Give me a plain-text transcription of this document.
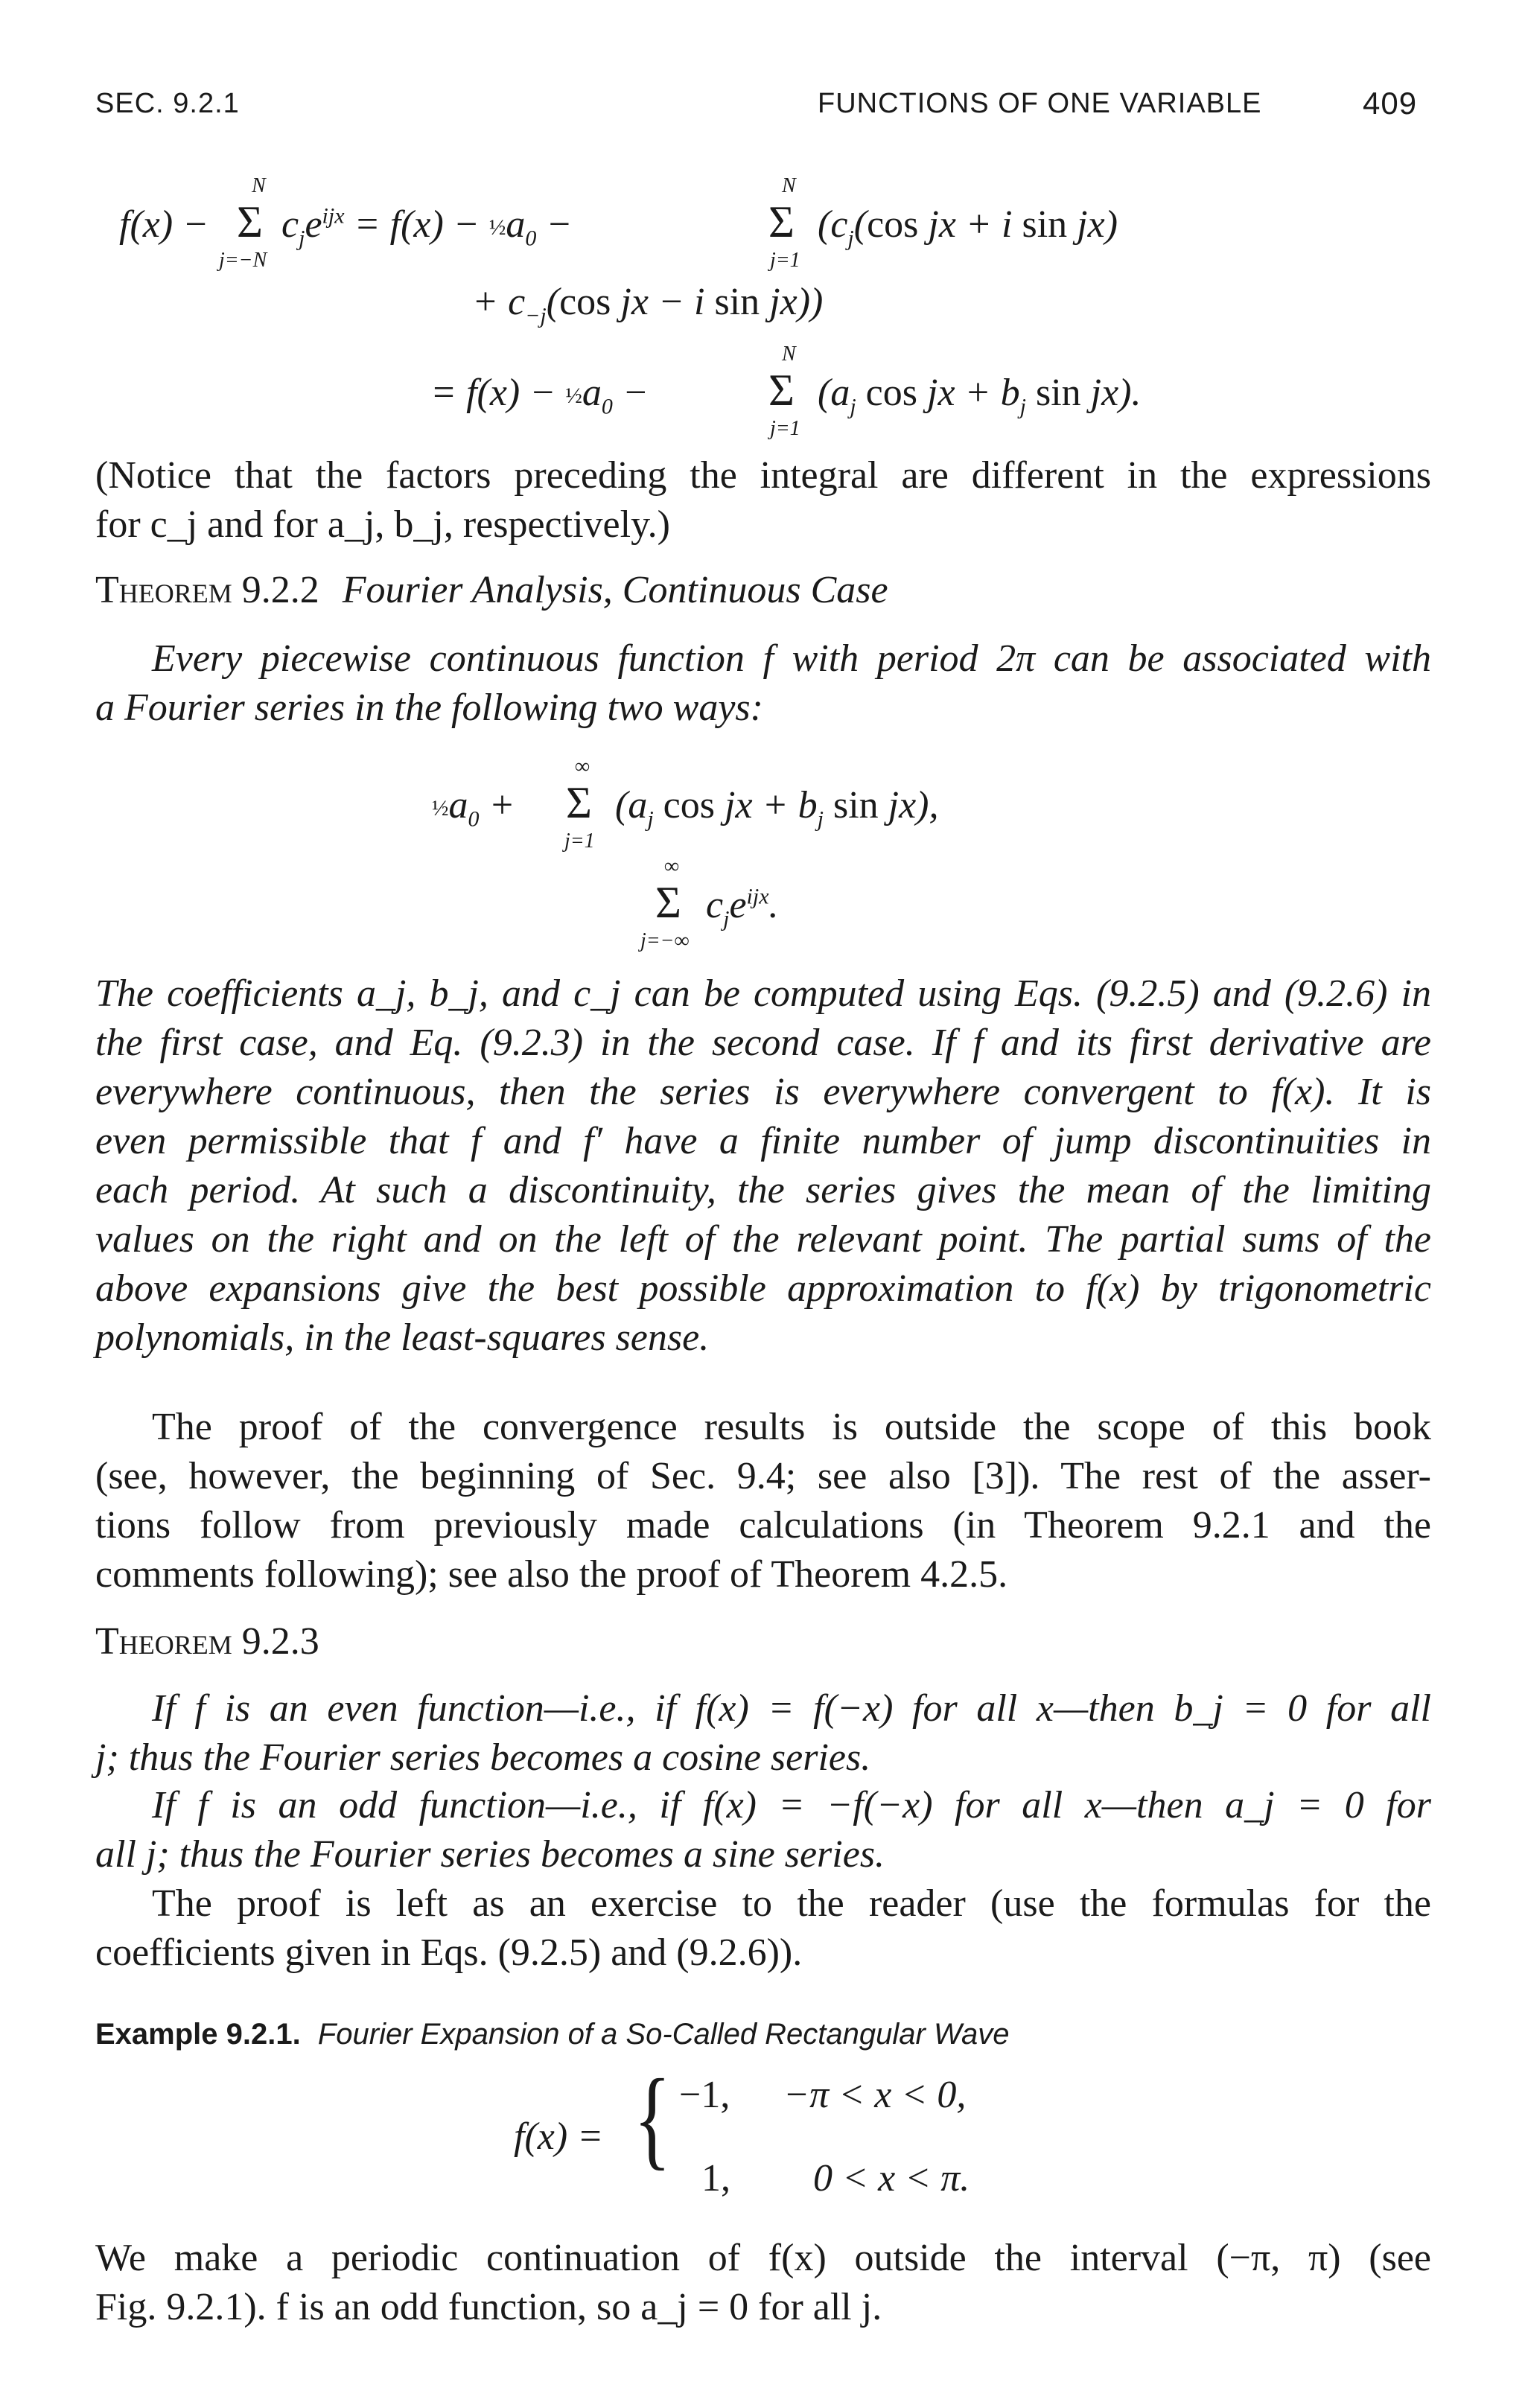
SEC. 9.2.1	FUNCTIONS OF ONE VARIABLE	409
f(x) − Σ
N
j=−N
$c_je^{ijx} = f(x)$ − $\frac{1}{2}a_0$ −	Σ
N
j=1
($c_j(\cos$ jx + i sin jx)
+ $c_{-j}(\cos$ jx − i sin jx))
= $f(x) - \frac{1}{2}a_0$ −	Σ
N
j=1
($a_j$ cos jx + $b_j$ sin jx).

(Notice that the factors preceding the integral are different in the expressions

for c_j and for a_j, b_j, respectively.)

Theorem 9.2.2 Fourier Analysis, Continuous Case

Every piecewise continuous function f with period 2π can be associated with

a Fourier series in the following two ways:

$\frac{1}{2}a_0 + \Sigma$
∞
j=1
($a_j$ cos jx + $b_j$ sin jx),
Σ
∞
j=−∞
$c_je^{ijx}$.

The coefficients a_j, b_j, and c_j can be computed using Eqs. (9.2.5) and (9.2.6) in

the first case, and Eq. (9.2.3) in the second case. If f and its first derivative are

everywhere continuous, then the series is everywhere convergent to f(x). It is

even permissible that f and f′ have a finite number of jump discontinuities in

each period. At such a discontinuity, the series gives the mean of the limiting

values on the right and on the left of the relevant point. The partial sums of the

above expansions give the best possible approximation to f(x) by trigonometric

polynomials, in the least-squares sense.

The proof of the convergence results is outside the scope of this book

(see, however, the beginning of Sec. 9.4; see also [3]). The rest of the asser-

tions follow from previously made calculations (in Theorem 9.2.1 and the

comments following); see also the proof of Theorem 4.2.5.

Theorem 9.2.3

If f is an even function—i.e., if f(x) = f(−x) for all x—then b_j = 0 for all

j; thus the Fourier series becomes a cosine series.

If f is an odd function—i.e., if f(x) = −f(−x) for all x—then a_j = 0 for

all j; thus the Fourier series becomes a sine series.

The proof is left as an exercise to the reader (use the formulas for the

coefficients given in Eqs. (9.2.5) and (9.2.6)).

Example 9.2.1. Fourier Expansion of a So-Called Rectangular Wave
f(x) = { −1, −π < x < 0,
1, 0 < x < π.

We make a periodic continuation of f(x) outside the interval (−π, π) (see

Fig. 9.2.1). f is an odd function, so a_j = 0 for all j.
